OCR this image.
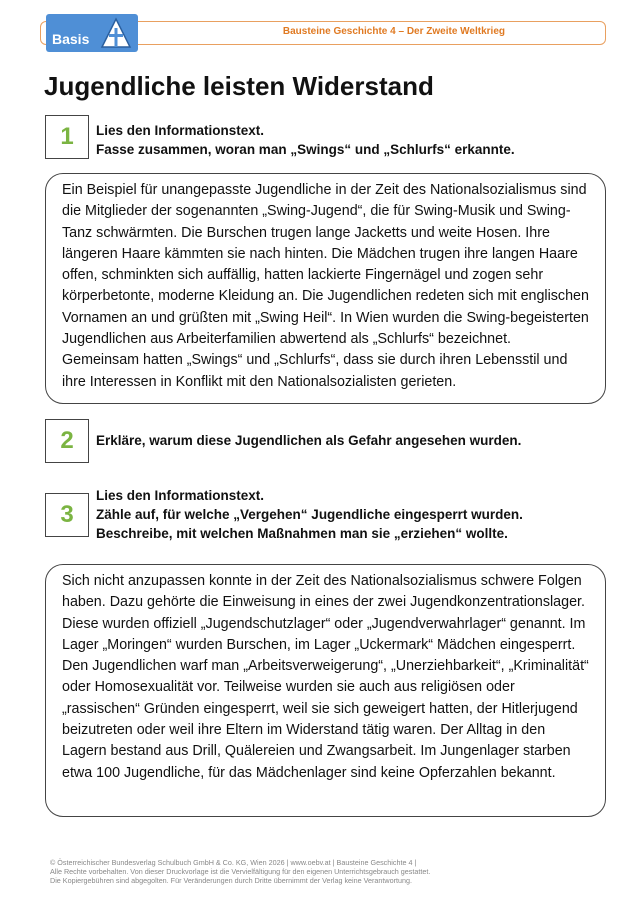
Bausteine Geschichte 4 – Der Zweite Weltkrieg
Basis
Jugendliche leisten Widerstand
1	Lies den Informationstext.
Fasse zusammen, woran man „Swings“ und „Schlurfs“ erkannte.
Ein Beispiel für unangepasste Jugendliche in der Zeit des Nationalsozialismus sind die Mitglieder der sogenannten „Swing-Jugend“, die für Swing-Musik und Swing-Tanz schwärmten. Die Burschen trugen lange Jacketts und weite Hosen. Ihre längeren Haare kämmten sie nach hinten. Die Mädchen trugen ihre langen Haare offen, schminkten sich auffällig, hatten lackierte Fingernägel und zogen sehr körperbetonte, moderne Kleidung an. Die Jugendlichen redeten sich mit englischen Vornamen an und grüßten mit „Swing Heil“. In Wien wurden die Swing-begeisterten Jugendlichen aus Arbeiterfamilien abwertend als „Schlurfs“ bezeichnet. Gemeinsam hatten „Swings“ und „Schlurfs“, dass sie durch ihren Lebensstil und ihre Interessen in Konflikt mit den Nationalsozialisten gerieten.
2	Erkläre, warum diese Jugendlichen als Gefahr angesehen wurden.
3
Lies den Informationstext.
Zähle auf, für welche „Vergehen“ Jugendliche eingesperrt wurden.
Beschreibe, mit welchen Maßnahmen man sie „erziehen“ wollte.
Sich nicht anzupassen konnte in der Zeit des Nationalsozialismus schwere Folgen haben. Dazu gehörte die Einweisung in eines der zwei Jugendkonzentrationslager. Diese wurden offiziell „Jugendschutzlager“ oder „Jugendverwahrlager“ genannt. Im Lager „Moringen“ wurden Burschen, im Lager „Uckermark“ Mädchen eingesperrt. Den Jugendlichen warf man „Arbeitsverweigerung“, „Unerziehbarkeit“, „Kriminalität“ oder Homosexualität vor. Teilweise wurden sie auch aus religiösen oder „rassischen“ Gründen eingesperrt, weil sie sich geweigert hatten, der Hitlerjugend beizutreten oder weil ihre Eltern im Widerstand tätig waren. Der Alltag in den Lagern bestand aus Drill, Quälereien und Zwangsarbeit. Im Jungenlager starben etwa 100 Jugendliche, für das Mädchenlager sind keine Opferzahlen bekannt.
© Österreichischer Bundesverlag Schulbuch GmbH & Co. KG, Wien 2026 | www.oebv.at | Bausteine Geschichte 4 |
Alle Rechte vorbehalten. Von dieser Druckvorlage ist die Vervielfältigung für den eigenen Unterrichtsgebrauch gestattet.
Die Kopiergebühren sind abgegolten. Für Veränderungen durch Dritte übernimmt der Verlag keine Verantwortung.
